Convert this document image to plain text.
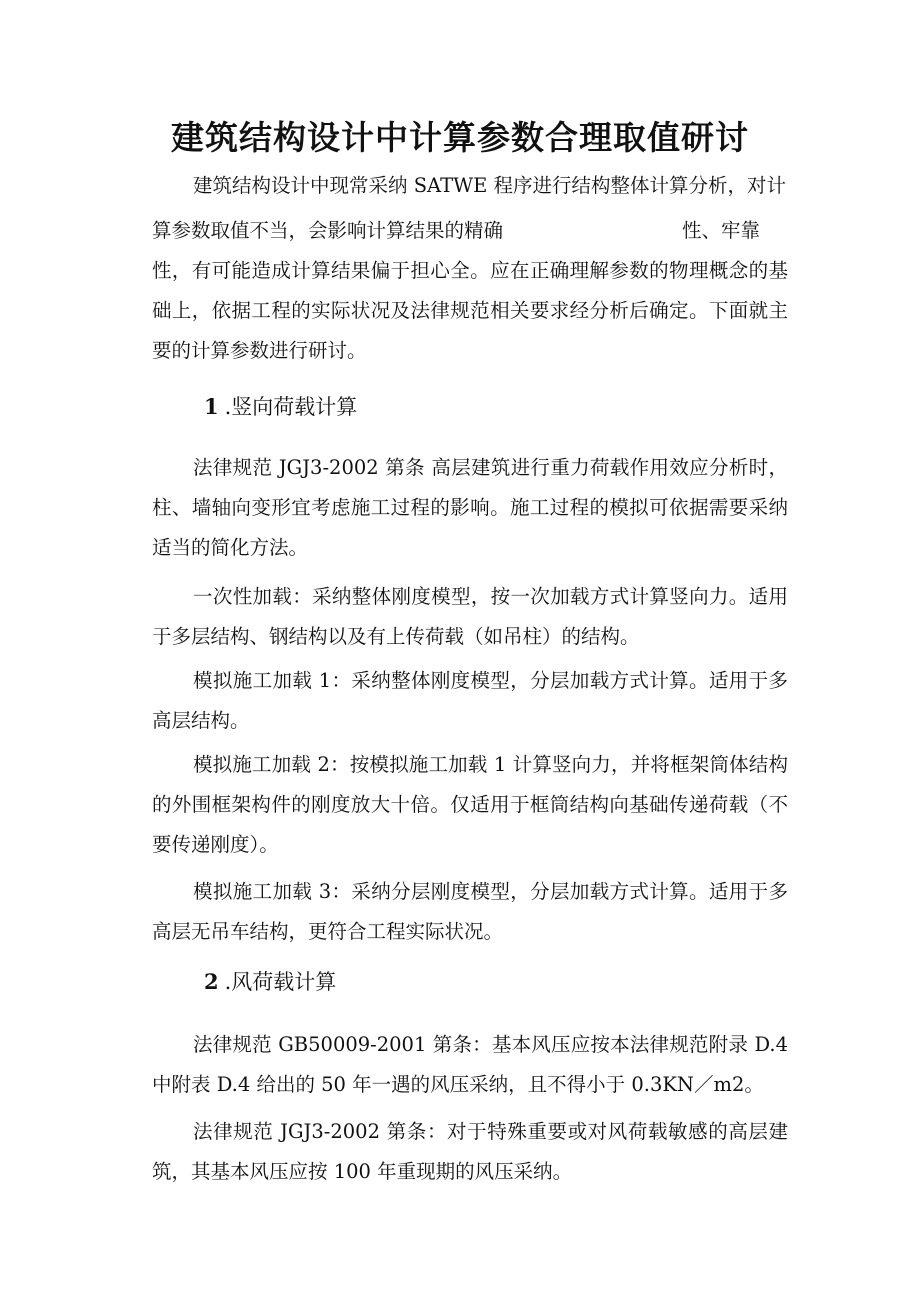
建筑结构设计中计算参数合理取值研讨
建筑结构设计中现常采纳 SATWE 程序进行结构整体计算分析，对计
算参数取值不当，会影响计算结果的精确	性、牢靠

性，有可能造成计算结果偏于担心全。应在正确理解参数的物理概念的基础上，依据工程的实际状况及法律规范相关要求经分析后确定。下面就主要的计算参数进行研讨。

1 .竖向荷载计算

法律规范 JGJ3-2002 第条 高层建筑进行重力荷载作用效应分析时，柱、墙轴向变形宜考虑施工过程的影响。施工过程的模拟可依据需要采纳适当的简化方法。

一次性加载：采纳整体刚度模型，按一次加载方式计算竖向力。适用于多层结构、钢结构以及有上传荷载（如吊柱）的结构。

模拟施工加载 1：采纳整体刚度模型，分层加载方式计算。适用于多高层结构。

模拟施工加载 2：按模拟施工加载 1 计算竖向力，并将框架筒体结构的外围框架构件的刚度放大十倍。仅适用于框筒结构向基础传递荷载（不要传递刚度）。

模拟施工加载 3：采纳分层刚度模型，分层加载方式计算。适用于多高层无吊车结构，更符合工程实际状况。

2 .风荷载计算

法律规范 GB50009-2001 第条：基本风压应按本法律规范附录 D.4 中附表 D.4 给出的 50 年一遇的风压采纳，且不得小于 0.3KN／m2。

法律规范 JGJ3-2002 第条：对于特殊重要或对风荷载敏感的高层建筑，其基本风压应按 100 年重现期的风压采纳。
